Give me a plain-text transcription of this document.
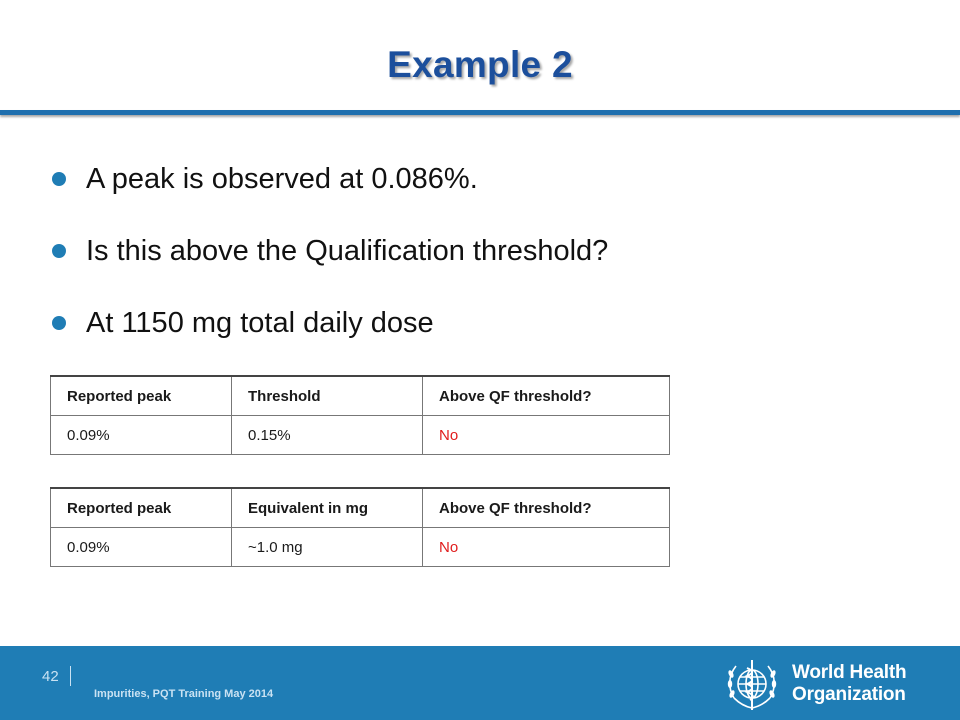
Example 2
A peak is observed at 0.086%.
Is this above the Qualification threshold?
At 1150 mg total daily dose
Reported peak	Threshold	Above QF threshold?
0.09%	0.15%	No
Reported peak	Equivalent in mg	Above QF threshold?
0.09%	~1.0 mg	No
42
Impurities, PQT Training May 2014
World Health
Organization
